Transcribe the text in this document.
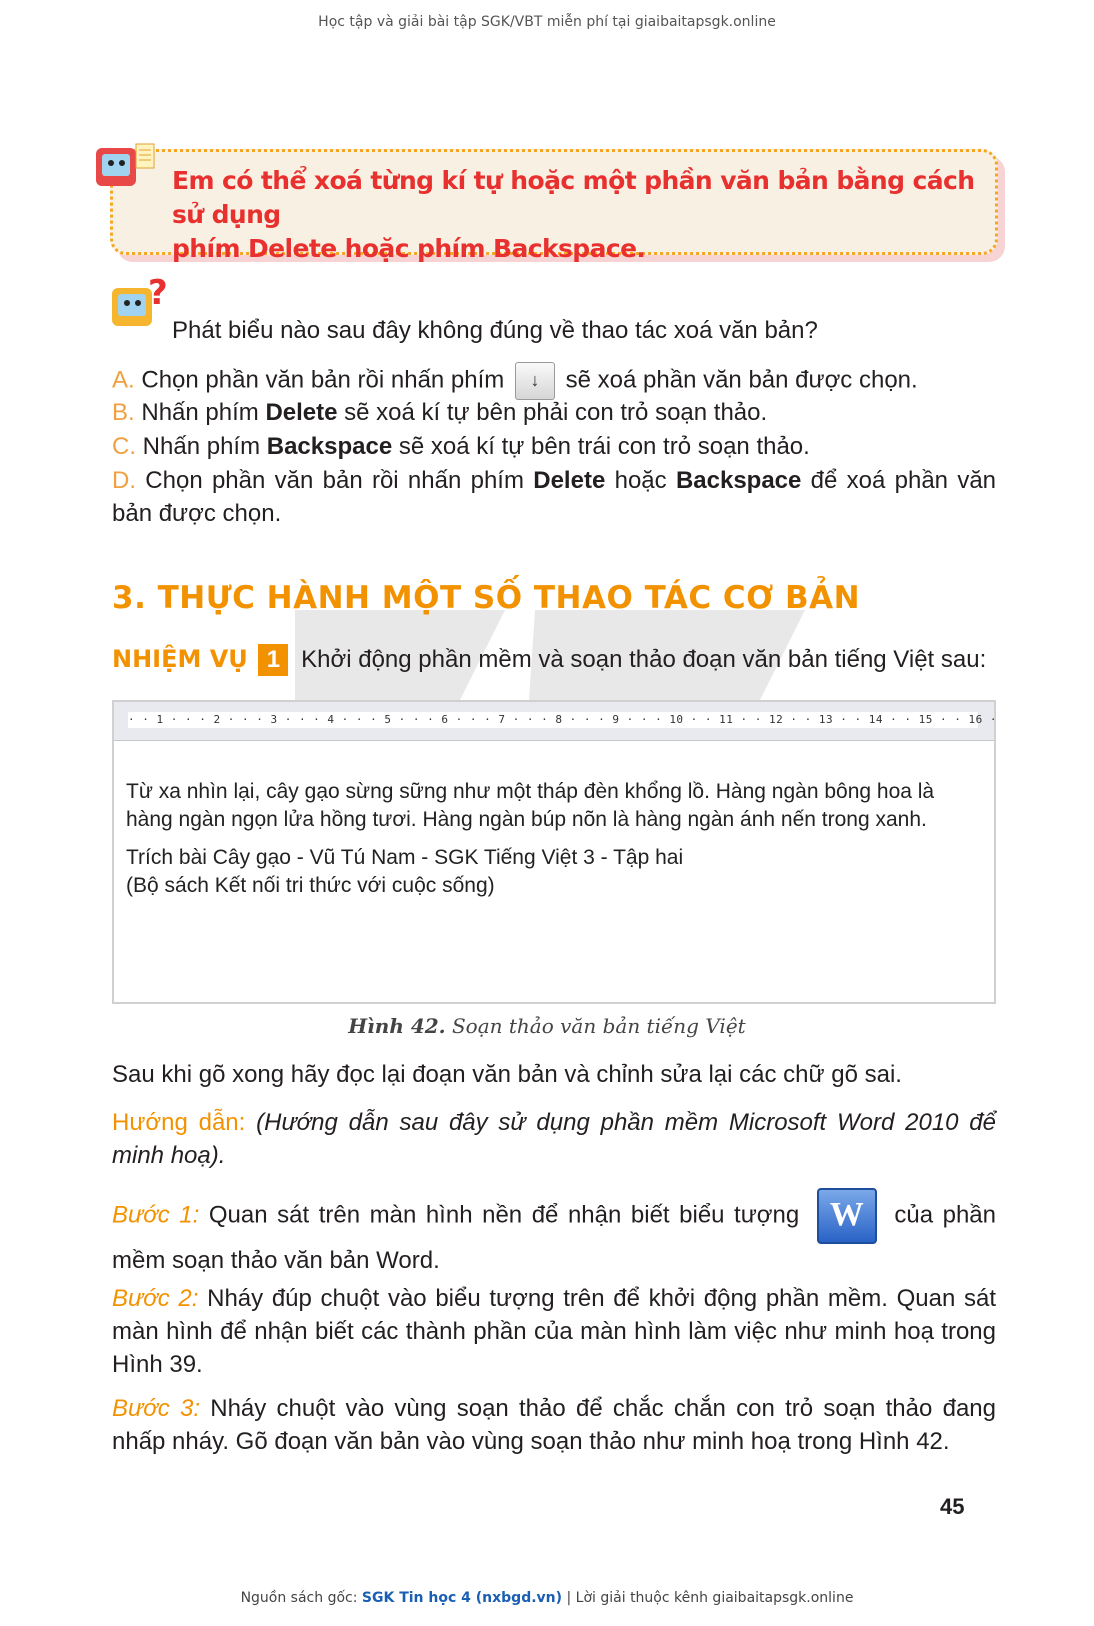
Học tập và giải bài tập SGK/VBT miễn phí tại giaibaitapsgk.online
Em có thể xoá từng kí tự hoặc một phần văn bản bằng cách sử dụng
phím Delete hoặc phím Backspace.
?
Phát biểu nào sau đây không đúng về thao tác xoá văn bản?
A. Chọn phần văn bản rồi nhấn phím ↓ sẽ xoá phần văn bản được chọn.
B. Nhấn phím Delete sẽ xoá kí tự bên phải con trỏ soạn thảo.
C. Nhấn phím Backspace sẽ xoá kí tự bên trái con trỏ soạn thảo.
D. Chọn phần văn bản rồi nhấn phím Delete hoặc Backspace để xoá phần văn bản được chọn.
3. THỰC HÀNH MỘT SỐ THAO TÁC CƠ BẢN
NHIỆM VỤ 1 Khởi động phần mềm và soạn thảo đoạn văn bản tiếng Việt sau:
· · 1 · · · 2 · · · 3 · · · 4 · · · 5 · · · 6 · · · 7 · · · 8 · · · 9 · · · 10 · · 11 · · 12 · · 13 · · 14 · · 15 · · 16 ·
Từ xa nhìn lại, cây gạo sừng sững như một tháp đèn khổng lồ. Hàng ngàn bông hoa là hàng ngàn ngọn lửa hồng tươi. Hàng ngàn búp nõn là hàng ngàn ánh nến trong xanh.
Trích bài Cây gạo - Vũ Tú Nam - SGK Tiếng Việt 3 - Tập hai
(Bộ sách Kết nối tri thức với cuộc sống)
Hình 42. Soạn thảo văn bản tiếng Việt
Sau khi gõ xong hãy đọc lại đoạn văn bản và chỉnh sửa lại các chữ gõ sai.
Hướng dẫn: (Hướng dẫn sau đây sử dụng phần mềm Microsoft Word 2010 để minh hoạ).
Bước 1: Quan sát trên màn hình nền để nhận biết biểu tượng W của phần mềm soạn thảo văn bản Word.
Bước 2: Nháy đúp chuột vào biểu tượng trên để khởi động phần mềm. Quan sát màn hình để nhận biết các thành phần của màn hình làm việc như minh hoạ trong Hình 39.
Bước 3: Nháy chuột vào vùng soạn thảo để chắc chắn con trỏ soạn thảo đang nhấp nháy. Gõ đoạn văn bản vào vùng soạn thảo như minh hoạ trong Hình 42.
45
Nguồn sách gốc: SGK Tin học 4 (nxbgd.vn) | Lời giải thuộc kênh giaibaitapsgk.online
